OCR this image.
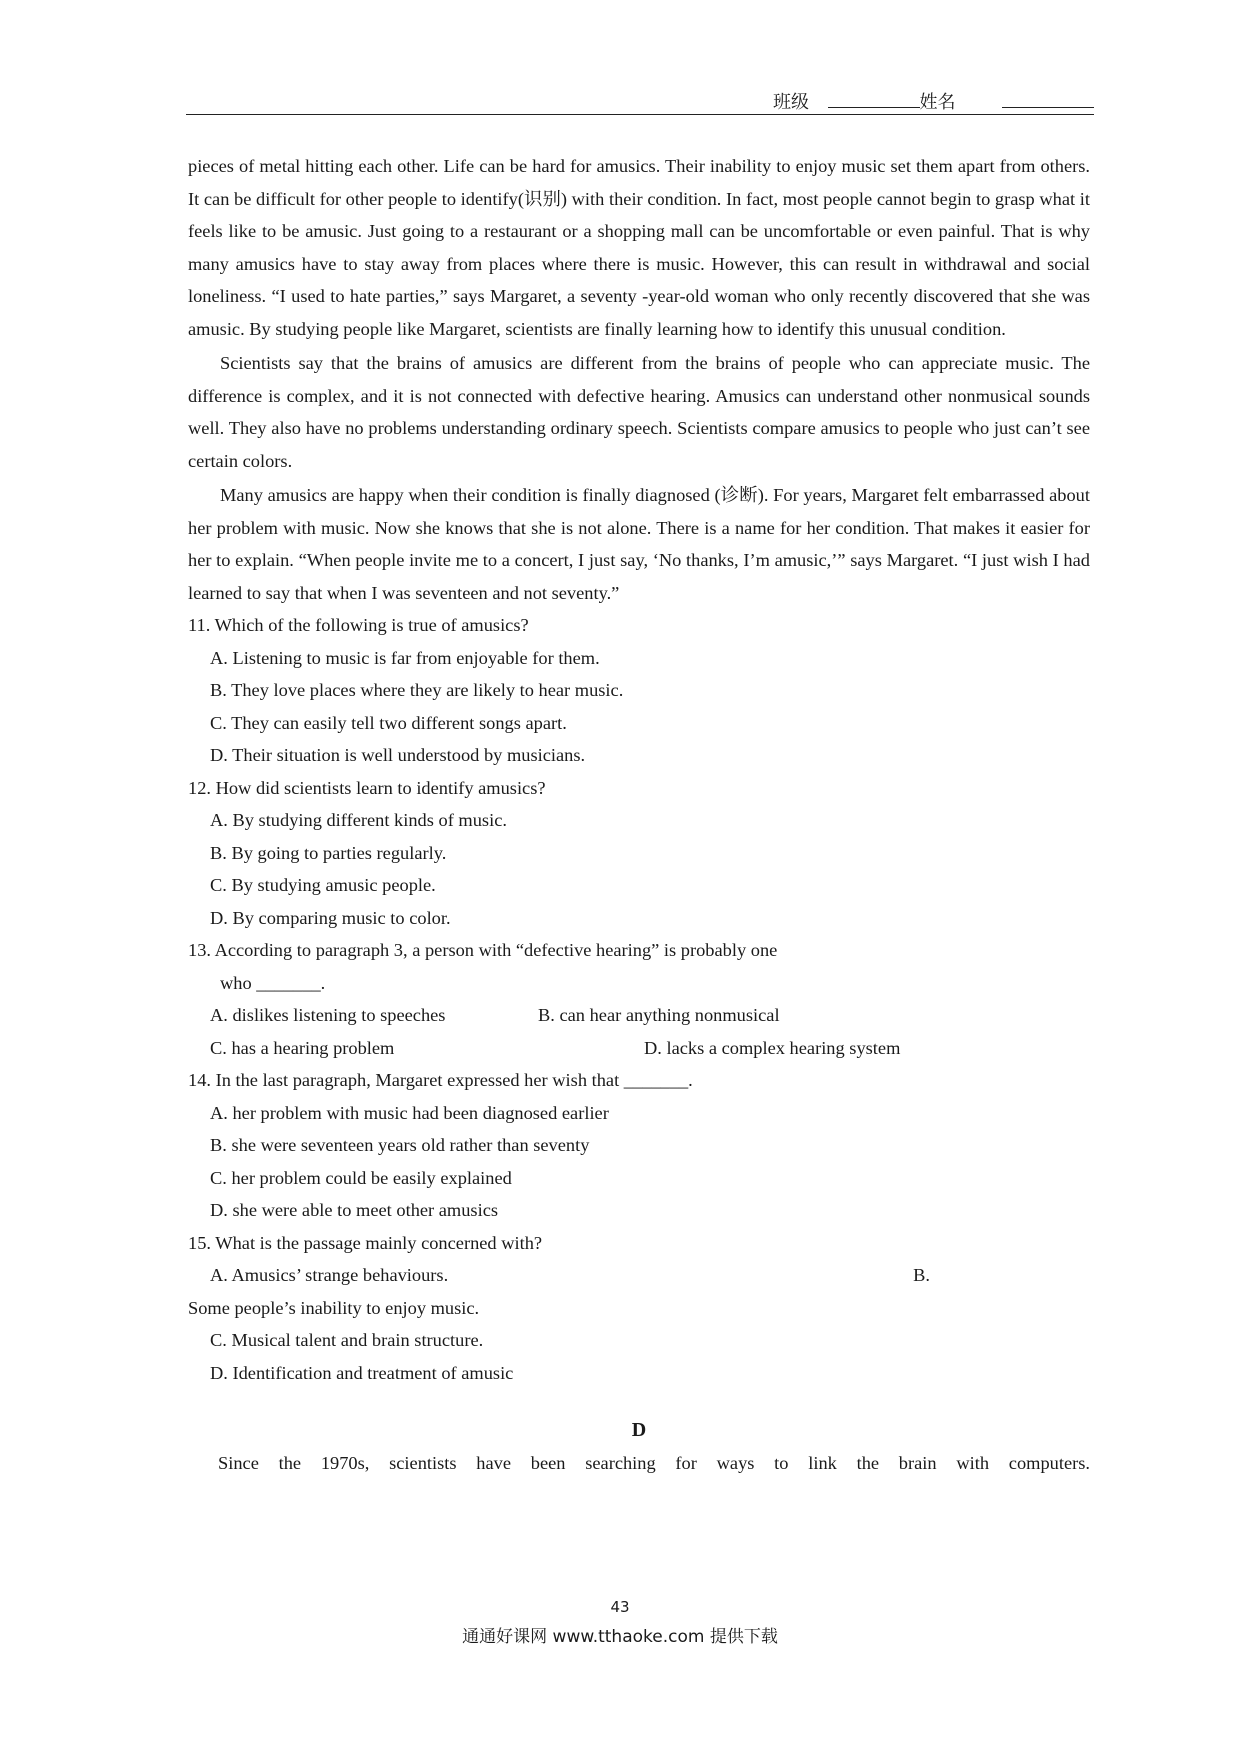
班级	姓名

pieces of metal hitting each other. Life can be hard for amusics. Their inability to enjoy music set them apart from others. It can be difficult for other people to identify(识别) with their condition. In fact, most people cannot begin to grasp what it feels like to be amusic. Just going to a restaurant or a shopping mall can be uncomfortable or even painful. That is why many amusics have to stay away from places where there is music. However, this can result in withdrawal and social loneliness. “I used to hate parties,” says Margaret, a seventy -year-old woman who only recently discovered that she was amusic. By studying people like Margaret, scientists are finally learning how to identify this unusual condition.

Scientists say that the brains of amusics are different from the brains of people who can appreciate music. The difference is complex, and it is not connected with defective hearing. Amusics can understand other nonmusical sounds well. They also have no problems understanding ordinary speech. Scientists compare amusics to people who just can’t see certain colors.

Many amusics are happy when their condition is finally diagnosed (诊断). For years, Margaret felt embarrassed about her problem with music. Now she knows that she is not alone. There is a name for her condition. That makes it easier for her to explain. “When people invite me to a concert, I just say, ‘No thanks, I’m amusic,’” says Margaret. “I just wish I had learned to say that when I was seventeen and not seventy.”

11. Which of the following is true of amusics?
A. Listening to music is far from enjoyable for them.
B. They love places where they are likely to hear music.
C. They can easily tell two different songs apart.
D. Their situation is well understood by musicians.
12. How did scientists learn to identify amusics?
A. By studying different kinds of music.
B. By going to parties regularly.
C. By studying amusic people.
D. By comparing music to color.
13. According to paragraph 3, a person with “defective hearing” is probably one
who _______.
A. dislikes listening to speeches	B. can hear anything nonmusical
C. has a hearing problem	D. lacks a complex hearing system
14. In the last paragraph, Margaret expressed her wish that _______.
A. her problem with music had been diagnosed earlier
B. she were seventeen years old rather than seventy
C. her problem could be easily explained
D. she were able to meet other amusics
15. What is the passage mainly concerned with?
A. Amusics’ strange behaviours.	B.
Some people’s inability to enjoy music.
C. Musical talent and brain structure.
D. Identification and treatment of amusic
D

Since the 1970s, scientists have been searching for ways to link the brain with computers.

43
通通好课网 www.tthaoke.com 提供下载
